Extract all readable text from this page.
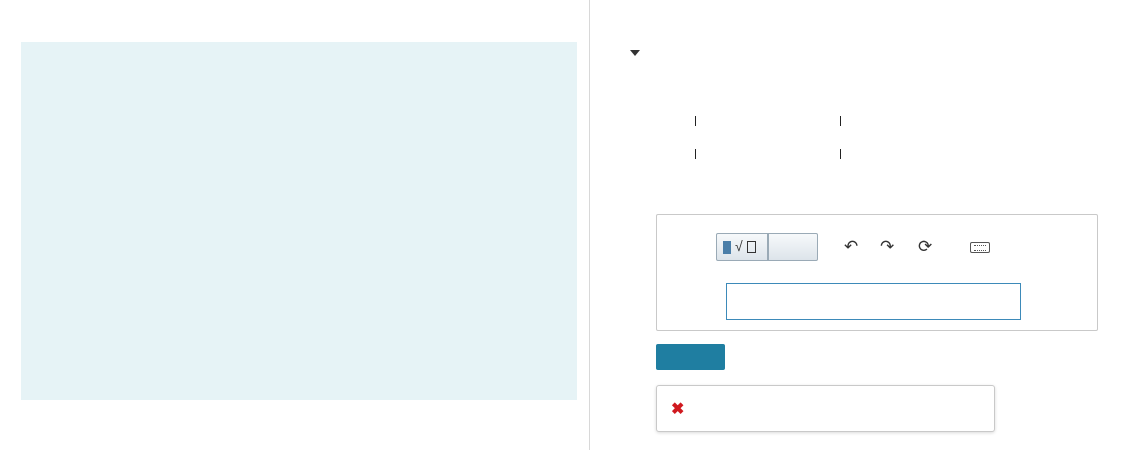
√	↶ ↷ ⟳
✖
